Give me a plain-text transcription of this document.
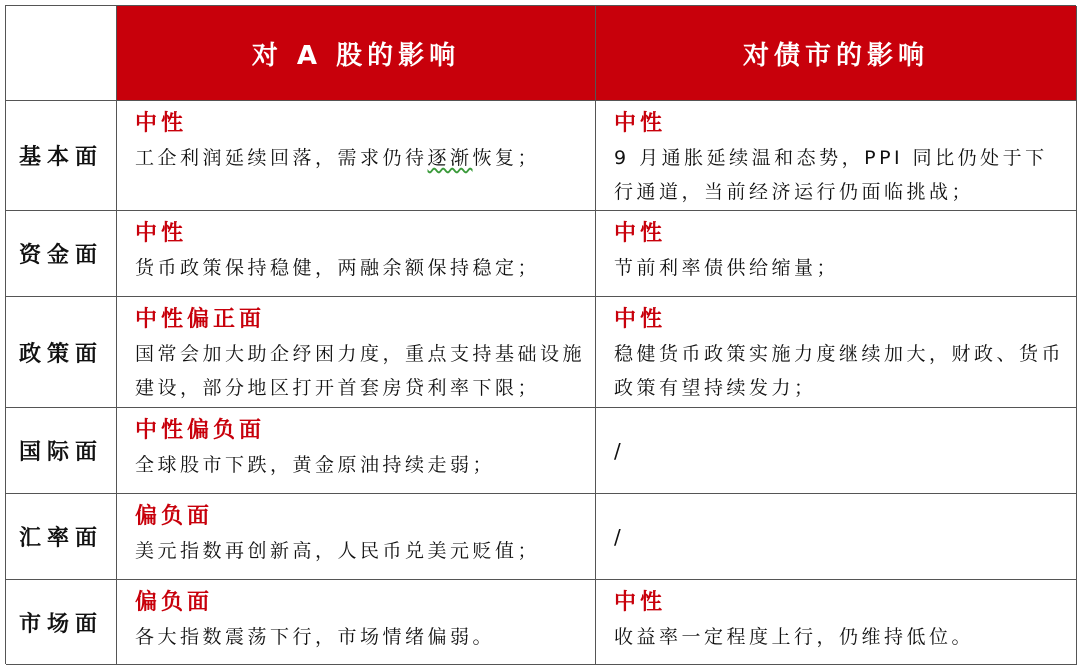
对 A 股的影响	对债市的影响
基本面
中性
工企利润延续回落，需求仍待逐渐恢复；
中性
9 月通胀延续温和态势，PPI 同比仍处于下行通道，当前经济运行仍面临挑战；
资金面
中性
货币政策保持稳健，两融余额保持稳定；
中性
节前利率债供给缩量；
政策面
中性偏正面
国常会加大助企纾困力度，重点支持基础设施建设，部分地区打开首套房贷利率下限；
中性
稳健货币政策实施力度继续加大，财政、货币政策有望持续发力；
国际面
中性偏负面
全球股市下跌，黄金原油持续走弱；
/
汇率面
偏负面
美元指数再创新高，人民币兑美元贬值；
/
市场面
偏负面
各大指数震荡下行，市场情绪偏弱。
中性
收益率一定程度上行，仍维持低位。
